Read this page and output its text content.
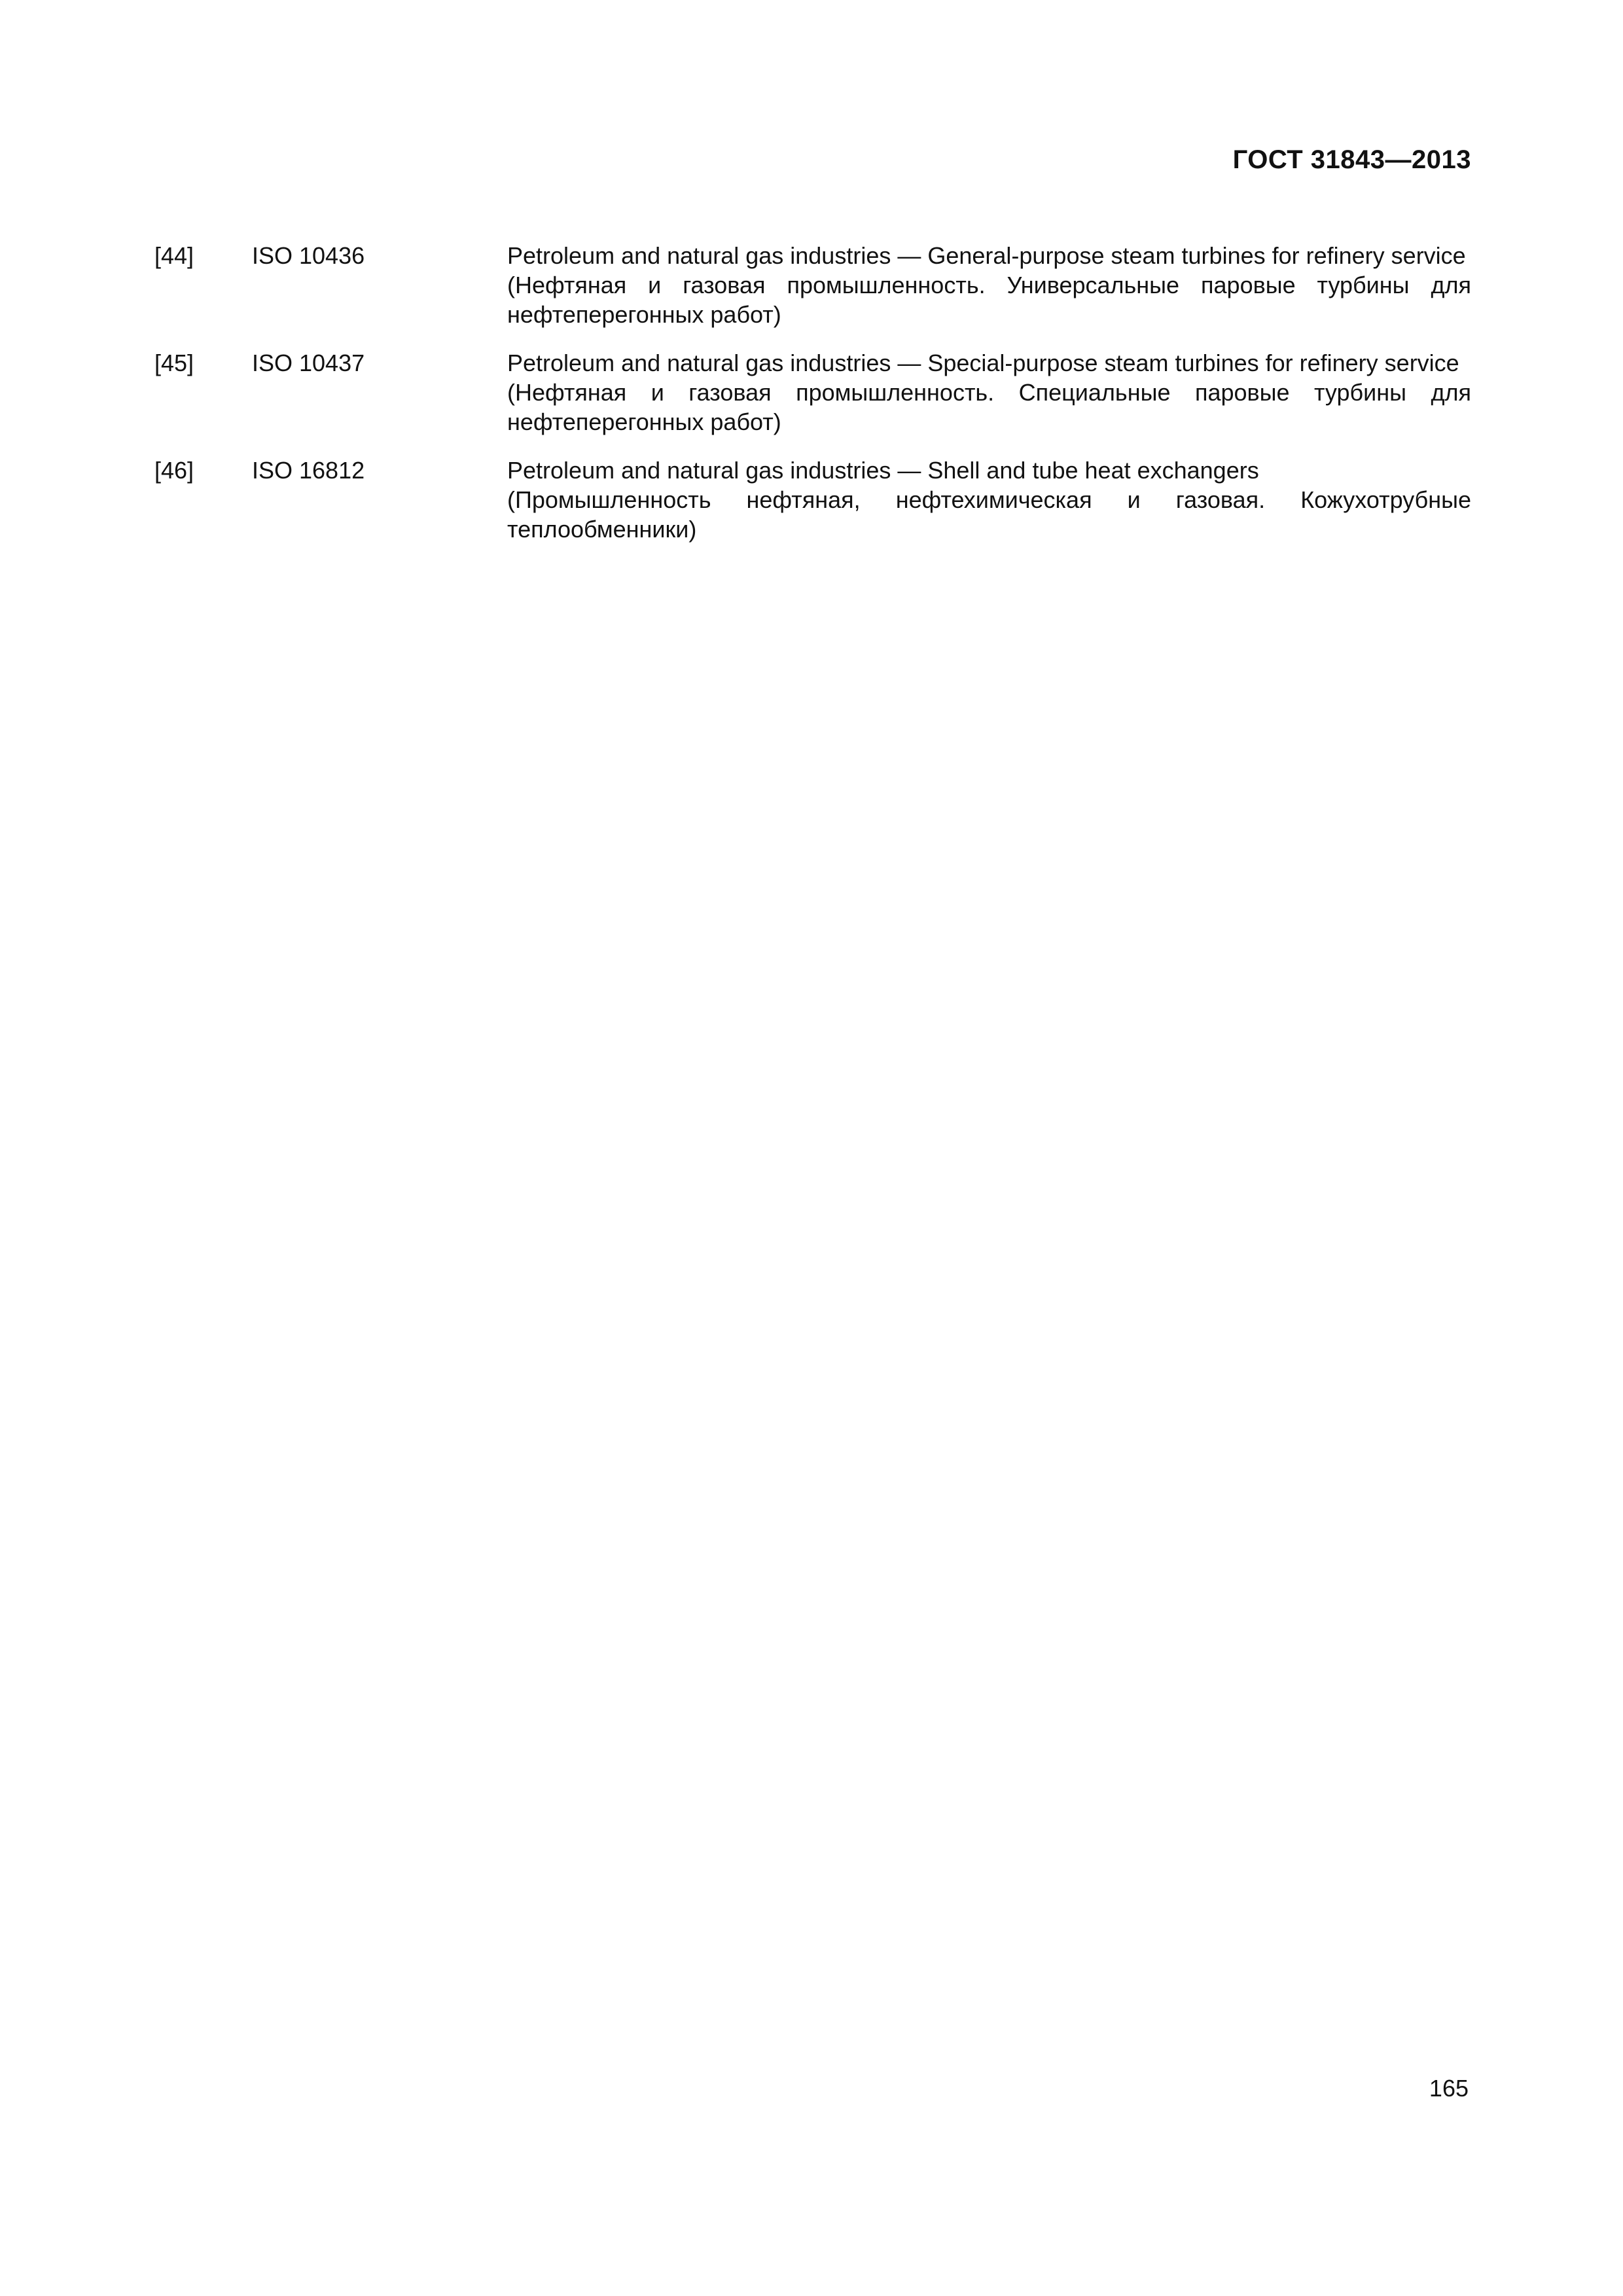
ГОСТ 31843—2013
[44]	ISO 10436	Petroleum and natural gas industries — General-purpose steam turbines for refinery service
(Нефтяная и газовая промышленность. Универсальные паровые турбины для нефтеперегонных работ)
[45]	ISO 10437	Petroleum and natural gas industries — Special-purpose steam turbines for refinery service
(Нефтяная и газовая промышленность. Специальные паровые турбины для нефтеперегонных работ)
[46]	ISO 16812	Petroleum and natural gas industries — Shell and tube heat exchangers
(Промышленность нефтяная, нефтехимическая и газовая. Кожухотрубные теплообменники)
165
